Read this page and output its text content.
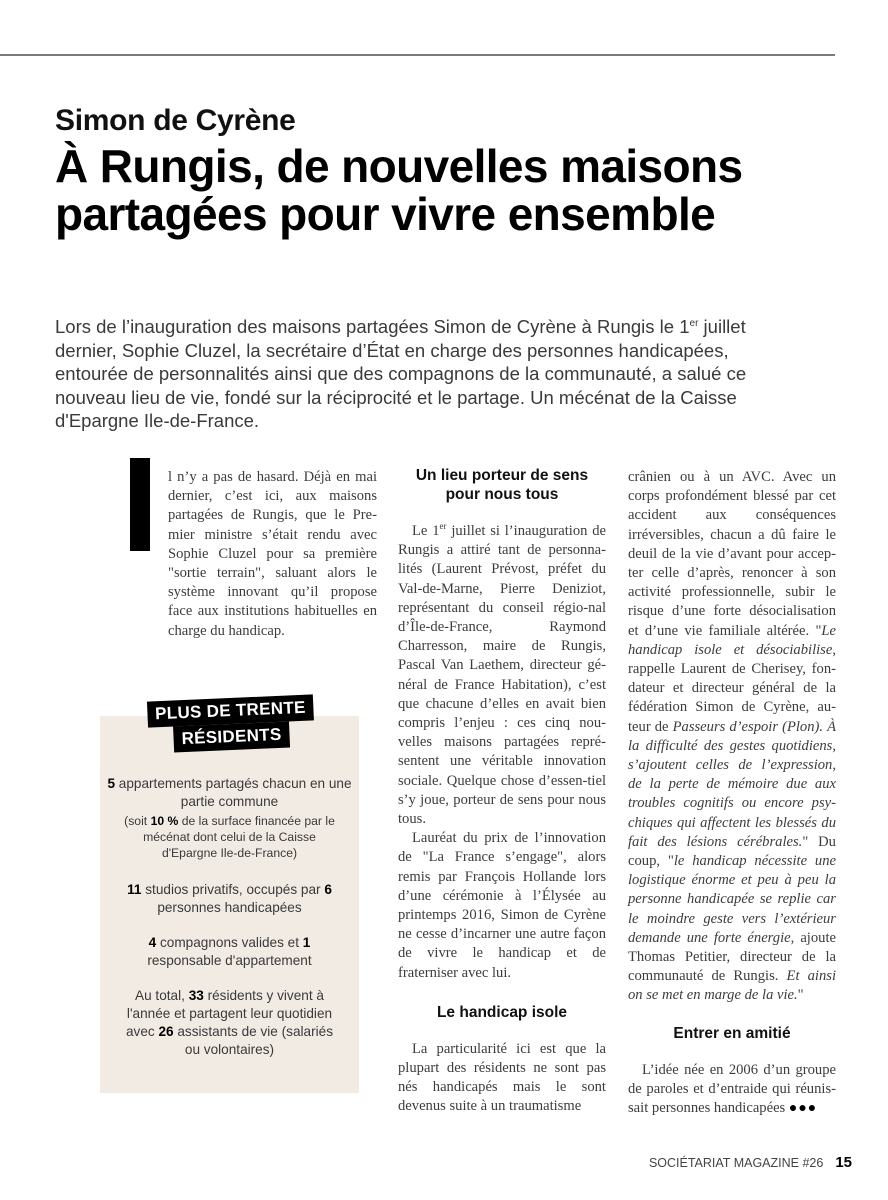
Simon de Cyrène
À Rungis, de nouvelles maisons partagées pour vivre ensemble

Lors de l’inauguration des maisons partagées Simon de Cyrène à Rungis le 1er juillet dernier, Sophie Cluzel, la secrétaire d’État en charge des personnes handicapées, entourée de personnalités ainsi que des compagnons de la communauté, a salué ce nouveau lieu de vie, fondé sur la réciprocité et le partage. Un mécénat de la Caisse d'Epargne Ile-de-France.

l n’y a pas de hasard. Déjà en mai dernier, c’est ici, aux maisons partagées de Rungis, que le Pre-mier ministre s’était rendu avec Sophie Cluzel pour sa première "sortie terrain", saluant alors le système innovant qu’il propose face aux institutions habituelles en charge du handicap.

PLUS DE TRENTE
RÉSIDENTS

5 appartements partagés chacun en une partie commune

(soit 10 % de la surface financée par le mécénat dont celui de la Caisse d'Epargne Ile-de-France)

11 studios privatifs, occupés par 6 personnes handicapées

4 compagnons valides et 1 responsable d'appartement

Au total, 33 résidents y vivent à l'année et partagent leur quotidien avec 26 assistants de vie (salariés ou volontaires)

Un lieu porteur de sens pour nous tous

Le 1er juillet si l’inauguration de Rungis a attiré tant de personna-lités (Laurent Prévost, préfet du Val-de-Marne, Pierre Deniziot, représentant du conseil régio-nal d’Île-de-France, Raymond Charresson, maire de Rungis, Pascal Van Laethem, directeur gé-néral de France Habitation), c’est que chacune d’elles en avait bien compris l’enjeu : ces cinq nou-velles maisons partagées repré-sentent une véritable innovation sociale. Quelque chose d’essen-tiel s’y joue, porteur de sens pour nous tous.

Lauréat du prix de l’innovation de "La France s’engage", alors remis par François Hollande lors d’une cérémonie à l’Élysée au printemps 2016, Simon de Cyrène ne cesse d’incarner une autre façon de vivre le handicap et de fraterniser avec lui.

Le handicap isole

La particularité ici est que la plupart des résidents ne sont pas nés handicapés mais le sont devenus suite à un traumatisme

crânien ou à un AVC. Avec un corps profondément blessé par cet accident aux conséquences irréversibles, chacun a dû faire le deuil de la vie d’avant pour accep-ter celle d’après, renoncer à son activité professionnelle, subir le risque d’une forte désocialisation et d’une vie familiale altérée. "Le handicap isole et désociabilise, rappelle Laurent de Cherisey, fon-dateur et directeur général de la fédération Simon de Cyrène, au-teur de Passeurs d’espoir (Plon). À la difficulté des gestes quotidiens, s’ajoutent celles de l’expression, de la perte de mémoire due aux troubles cognitifs ou encore psy-chiques qui affectent les blessés du fait des lésions cérébrales." Du coup, "le handicap nécessite une logistique énorme et peu à peu la personne handicapée se replie car le moindre geste vers l’extérieur demande une forte énergie, ajoute Thomas Petitier, directeur de la communauté de Rungis. Et ainsi on se met en marge de la vie."

Entrer en amitié

L’idée née en 2006 d’un groupe de paroles et d’entraide qui réunis-sait personnes handicapées ●●●

SOCIÉTARIAT MAGAZINE #26 15
